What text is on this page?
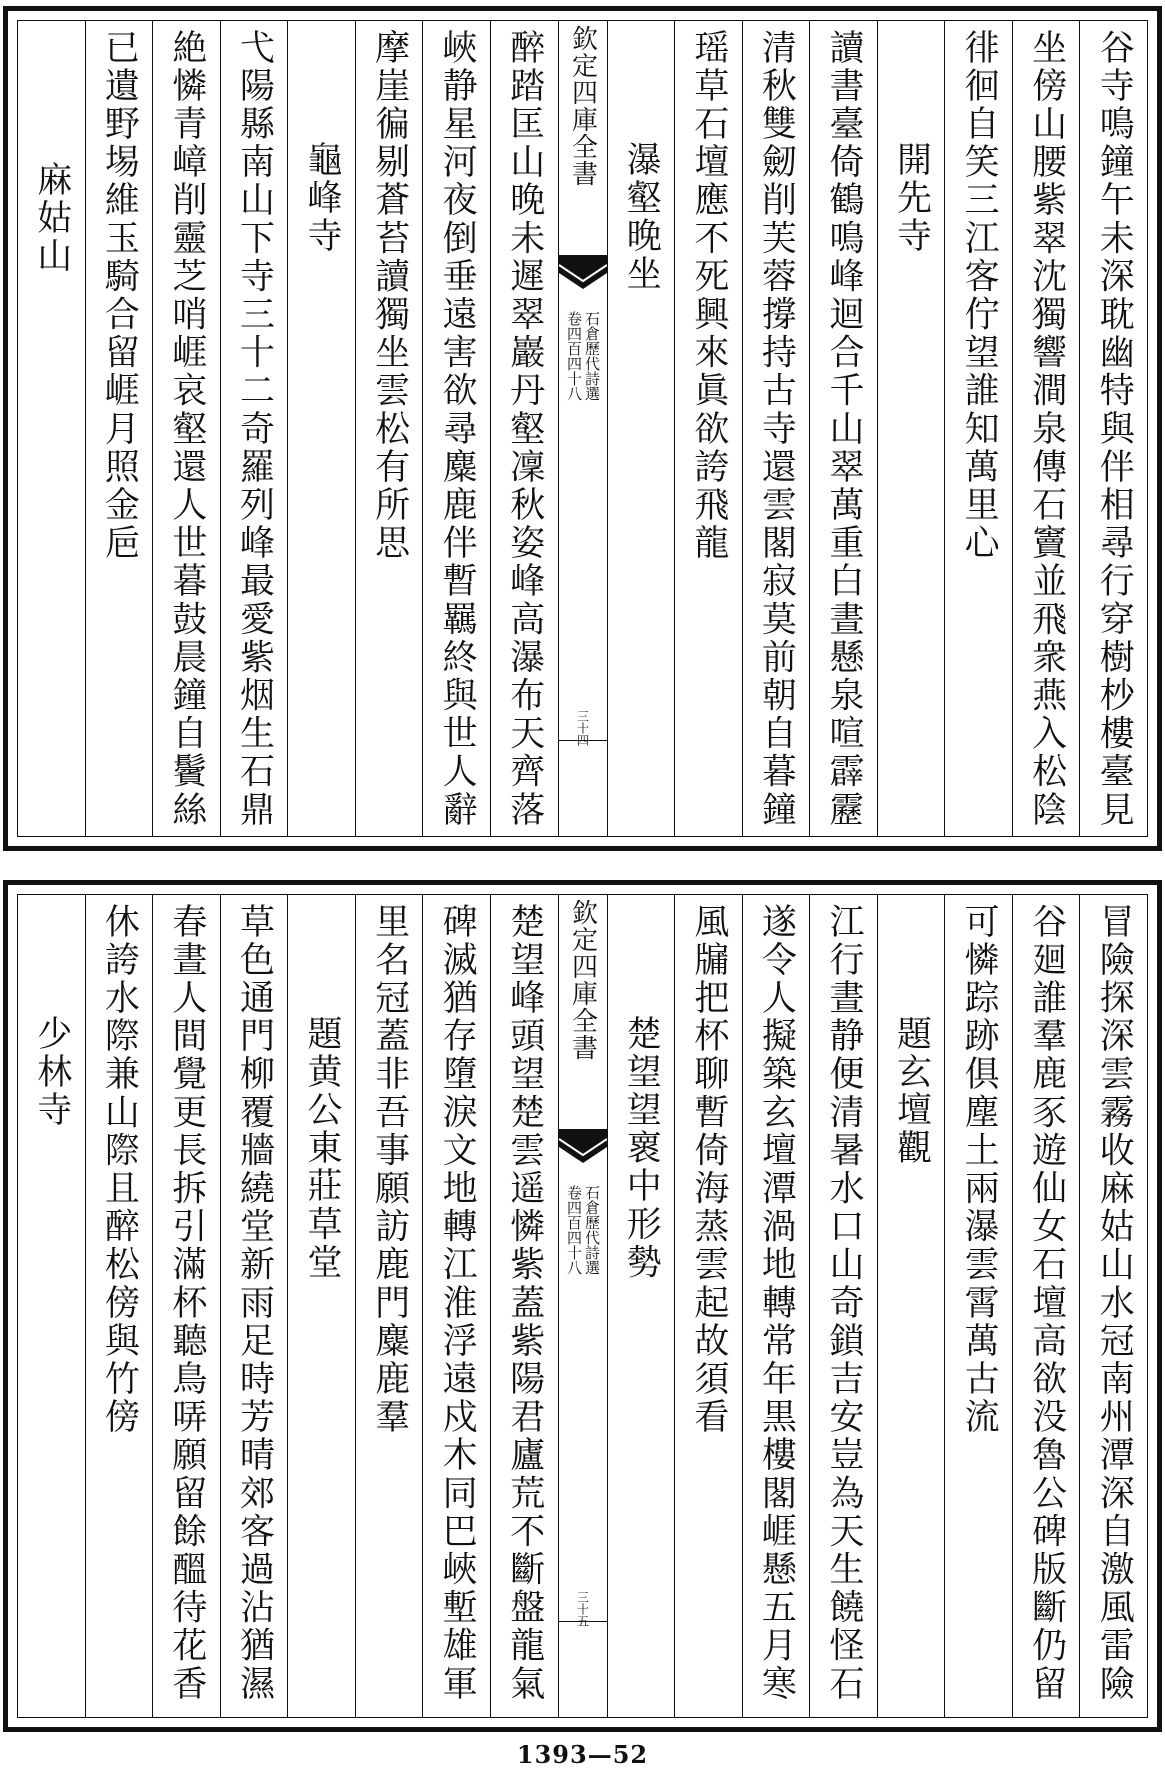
谷寺鳴鐘午未深耽幽特與伴相尋行穿樹杪樓臺見
坐傍山腰紫翠沈獨響澗泉傳石竇並飛衆燕入松陰
徘徊自笑三江客佇望誰知萬里心
開先寺
讀書臺倚鶴鳴峰迴合千山翠萬重白晝懸泉喧霹靂
清秋雙劒削芙蓉撐持古寺還雲閣寂莫前朝自暮鐘
瑶草石壇應不死興來眞欲誇飛龍
瀑壑晚坐
欽定四庫全書
石倉歷代詩選
卷四百四十八
三十四
醉踏匡山晚未遲翠巖丹壑凜秋姿峰高瀑布天齊落
峽静星河夜倒垂遠害欲尋麋鹿伴暫羈終與世人辭
摩崖徧剔蒼苔讀獨坐雲松有所思
龜峰寺
弋陽縣南山下寺三十二奇羅列峰最愛紫烟生石鼎
絶憐青嶂削靈芝哨崕哀壑還人世暮鼓晨鐘自鬢絲
已遺野埸維玉騎合留崕月照金巵
麻姑山
冒險探深雲霧收麻姑山水冠南州潭深自激風雷險
谷廻誰羣鹿豕遊仙女石壇高欲没魯公碑版斷仍留
可憐踪跡俱塵土兩瀑雲霄萬古流
題玄壇觀
江行晝静便清暑水口山奇鎖吉安豈為天生饒怪石
遂令人擬築玄壇潭渦地轉常年黒樓閣崕懸五月寒
風牖把杯聊暫倚海蒸雲起故須看
楚望望褱中形勢
欽定四庫全書
石倉歷代詩選
卷四百四十八
三十五
楚望峰頭望楚雲遥憐紫蓋紫陽君廬荒不斷盤龍氣
碑滅猶存墮淚文地轉江淮浮遠戍木同巴峽塹雄軍
里名冠蓋非吾事願訪鹿門麋鹿羣
題黄公東莊草堂
草色通門柳覆牆繞堂新雨足時芳晴郊客過沾猶濕
春晝人間覺更長拆引滿杯聽鳥哢願留餘醞待花香
休誇水際兼山際且醉松傍與竹傍
少林寺
1393—52
